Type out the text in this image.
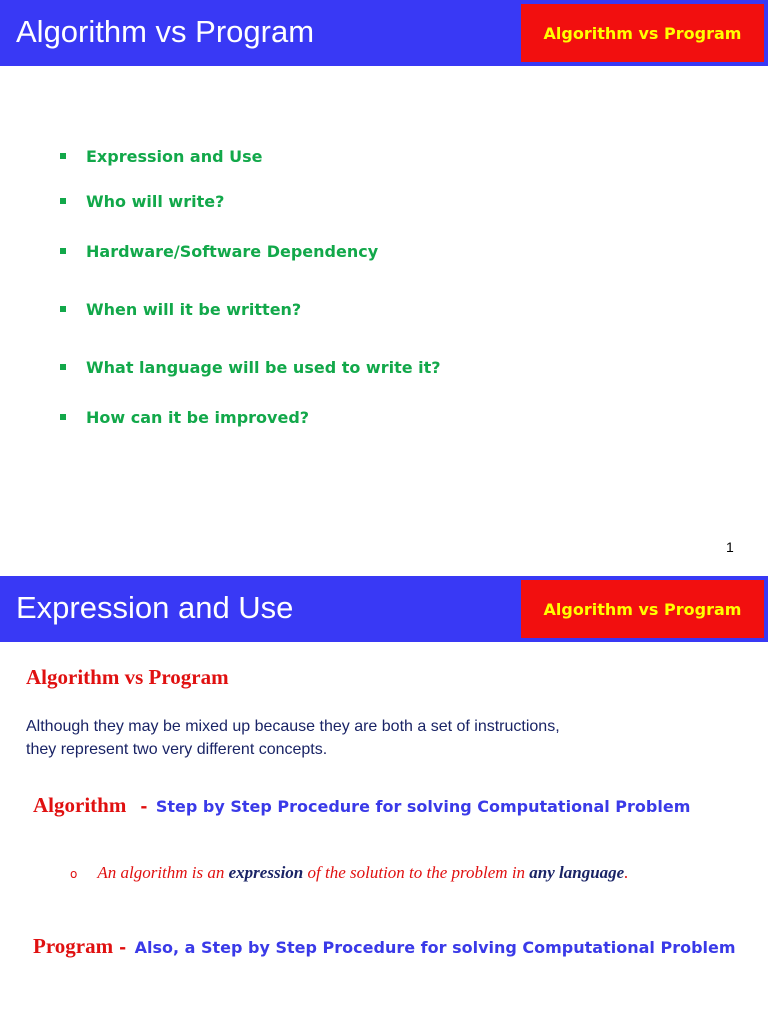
Algorithm vs Program	Algorithm vs Program
Expression and Use
Who will write?
Hardware/Software Dependency
When will it be written?
What language will be used to write it?
How can it be improved?
1
Expression and Use	Algorithm vs Program
Algorithm vs Program
Although they may be mixed up because they are both a set of instructions,
they represent two very different concepts.
Algorithm - Step by Step Procedure for solving Computational Problem
o An algorithm is an expression of the solution to the problem in any language.
Program - Also, a Step by Step Procedure for solving Computational Problem
